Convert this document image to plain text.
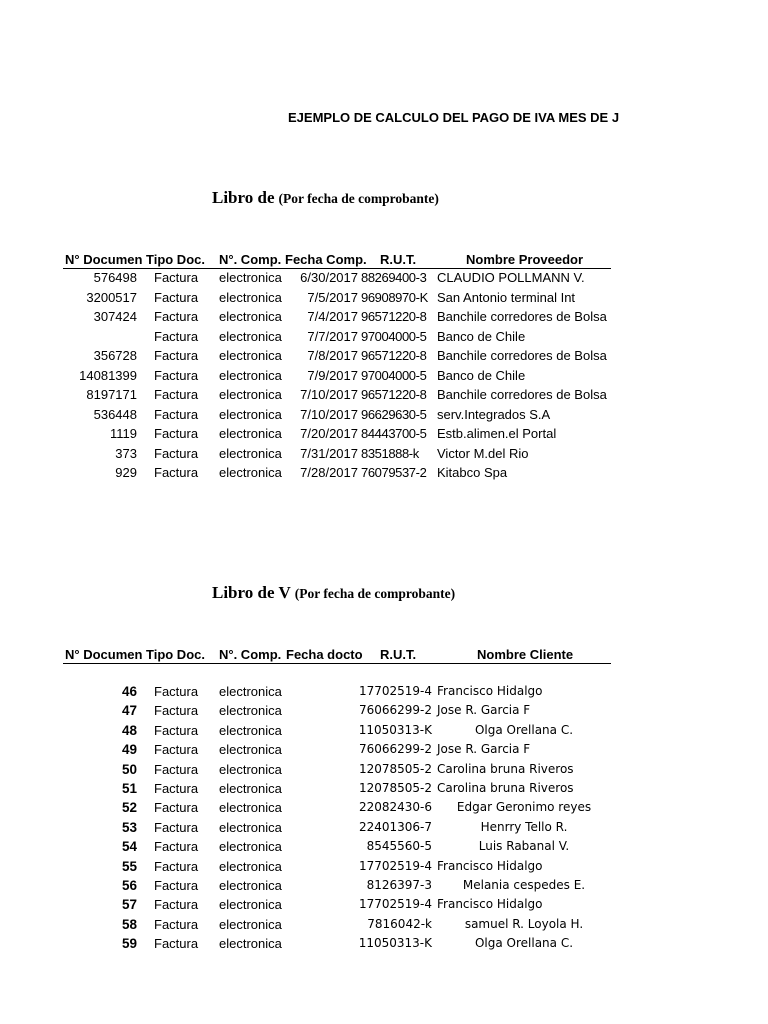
EJEMPLO DE CALCULO DEL PAGO DE IVA MES DE J
Libro de (Por fecha de comprobante)
N° Documen Tipo Doc. N°. Comp. Fecha Comp. R.U.T.	Nombre Proveedor
576498 Factura electronica 6/30/2017 88269400-3 CLAUDIO POLLMANN V.
3200517 Factura electronica 7/5/2017 96908970-K San Antonio terminal Int
307424 Factura electronica 7/4/2017 96571220-8 Banchile corredores de Bolsa
Factura electronica 7/7/2017 97004000-5 Banco de Chile
356728 Factura electronica 7/8/2017 96571220-8 Banchile corredores de Bolsa
14081399 Factura electronica 7/9/2017 97004000-5 Banco de Chile
8197171 Factura electronica 7/10/2017 96571220-8 Banchile corredores de Bolsa
536448 Factura electronica 7/10/2017 96629630-5 serv.Integrados S.A
1119 Factura electronica 7/20/2017 84443700-5 Estb.alimen.el Portal
373 Factura electronica 7/31/2017 8351888-k Victor M.del Rio
929 Factura electronica 7/28/2017 76079537-2 Kitabco Spa
Libro de V (Por fecha de comprobante)
N° Documen Tipo Doc. N°. Comp. Fecha docto R.U.T.	Nombre Cliente
46 Factura electronica	17702519-4 Francisco Hidalgo
47 Factura electronica	76066299-2 Jose R. Garcia F
48 Factura electronica	11050313-K	Olga Orellana C.
49 Factura electronica	76066299-2 Jose R. Garcia F
50 Factura electronica	12078505-2 Carolina bruna Riveros
51 Factura electronica	12078505-2 Carolina bruna Riveros
52 Factura electronica	22082430-6	Edgar Geronimo reyes
53 Factura electronica	22401306-7	Henrry Tello R.
54 Factura electronica	8545560-5	Luis Rabanal V.
55 Factura electronica	17702519-4 Francisco Hidalgo
56 Factura electronica	8126397-3	Melania cespedes E.
57 Factura electronica	17702519-4 Francisco Hidalgo
58 Factura electronica	7816042-k	samuel R. Loyola H.
59 Factura electronica	11050313-K	Olga Orellana C.
